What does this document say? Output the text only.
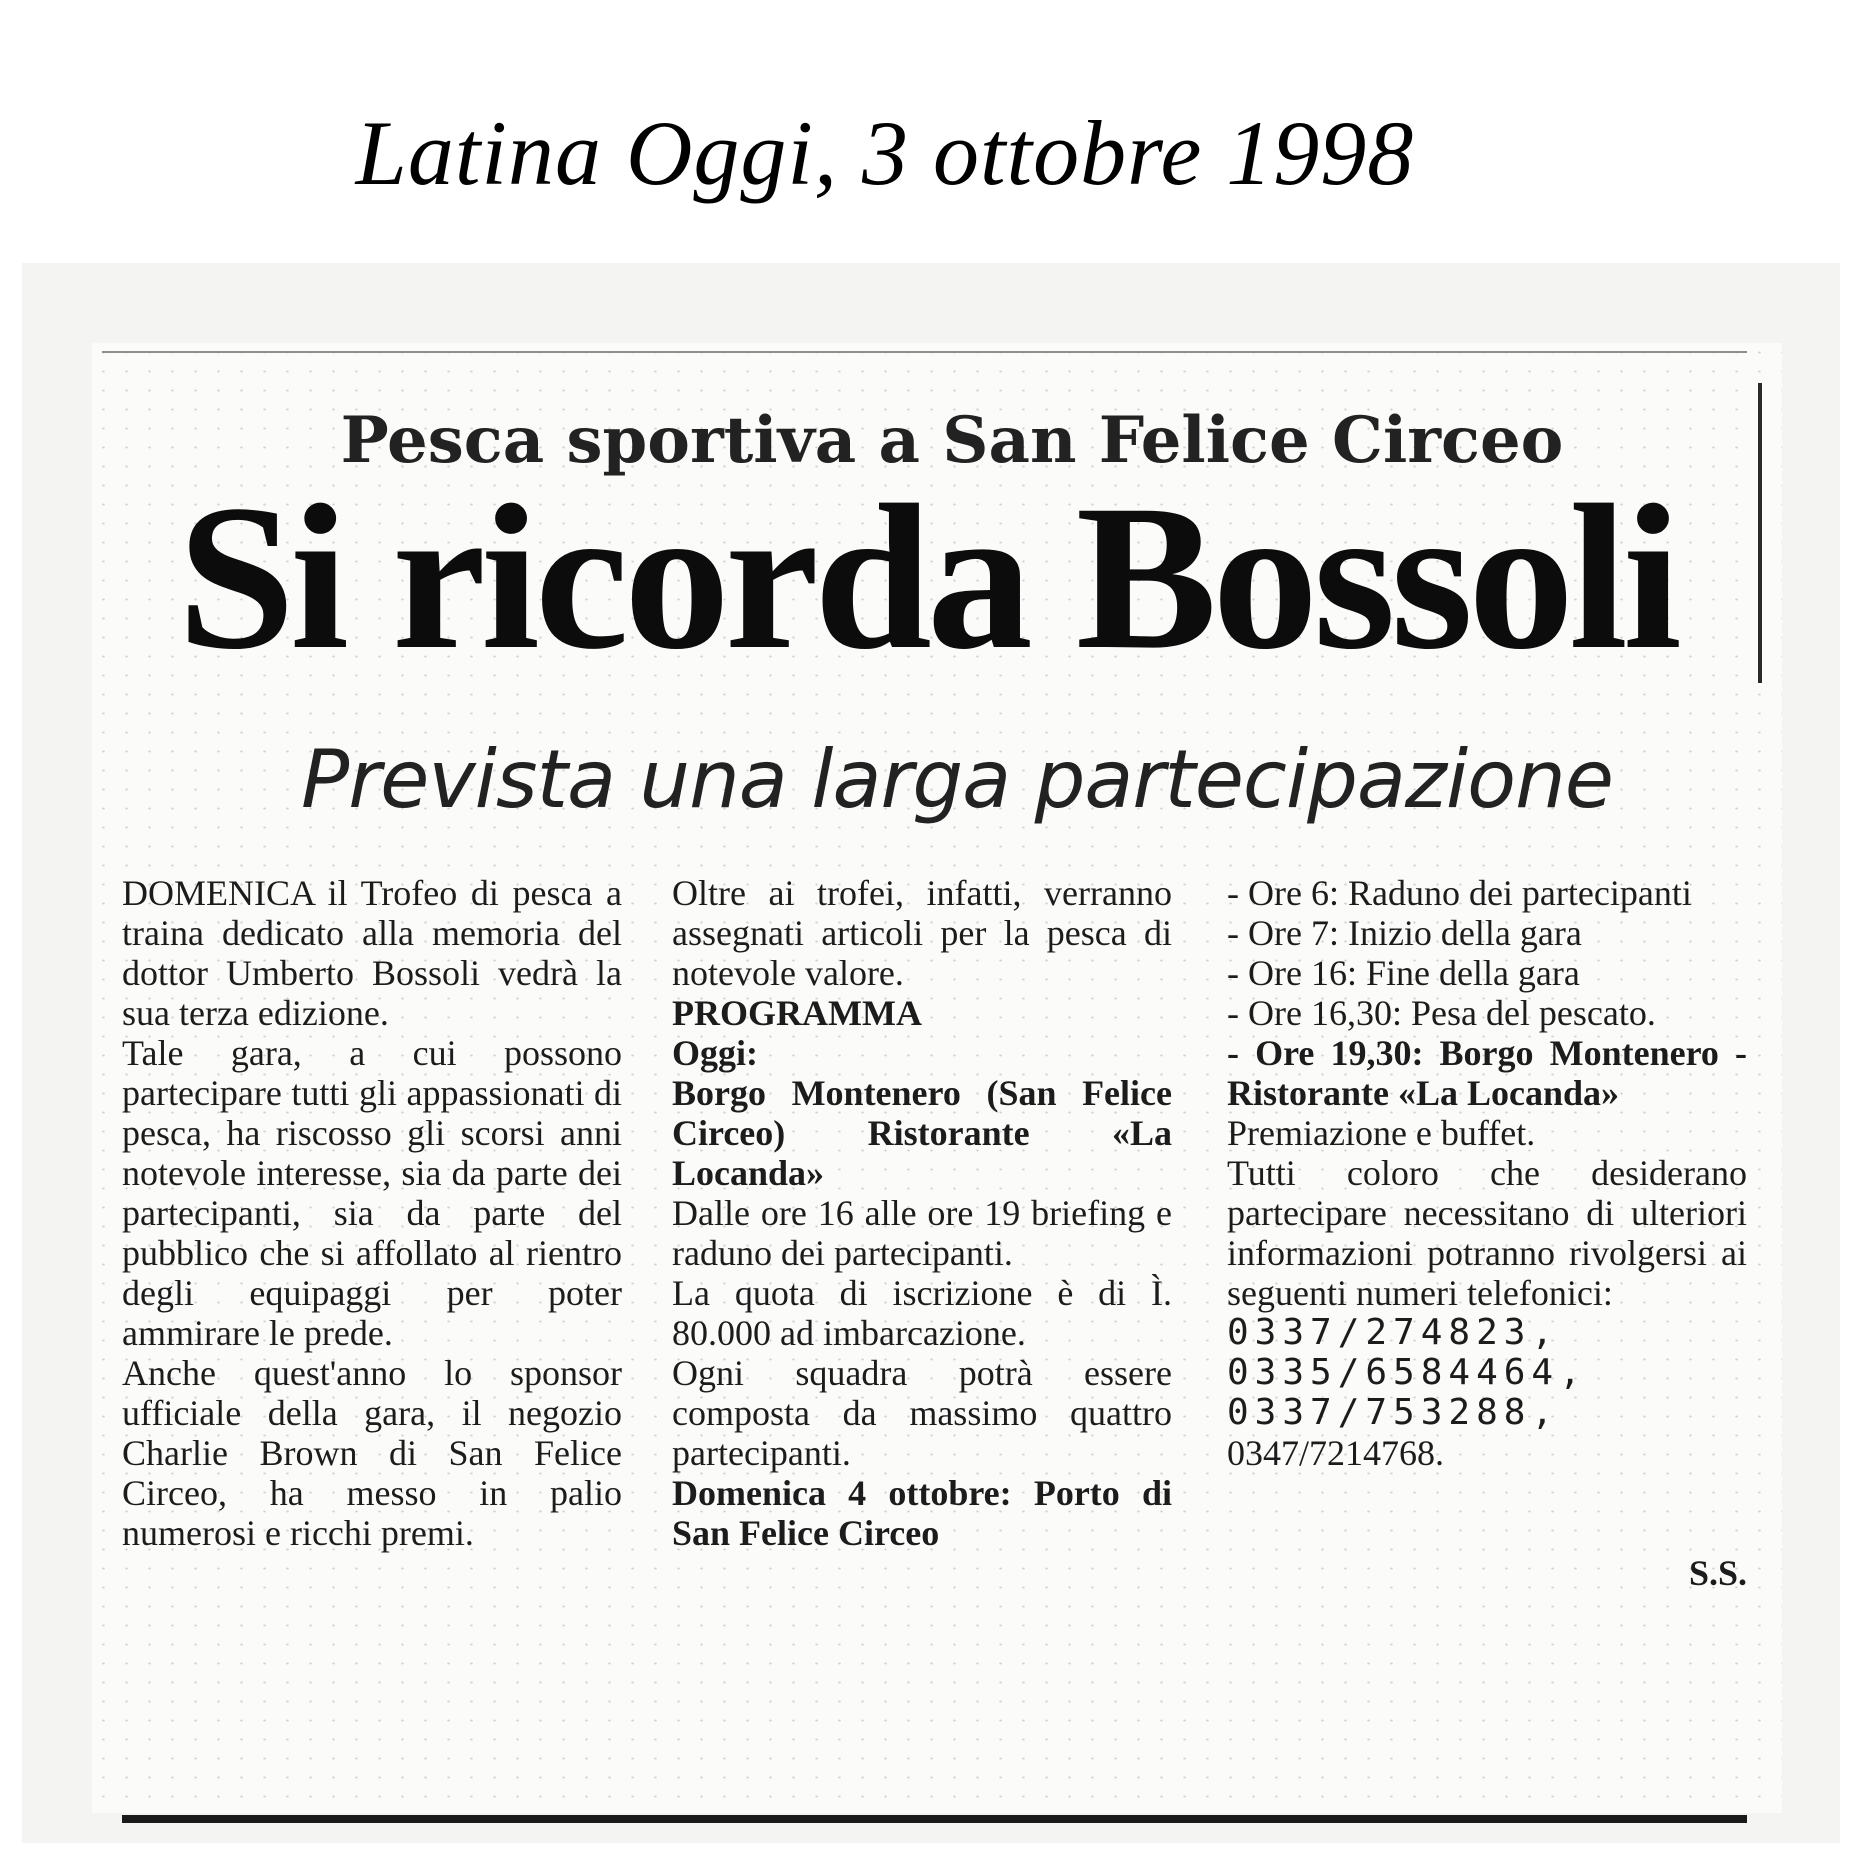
Latina Oggi, 3 ottobre 1998
Pesca sportiva a San Felice Circeo
Si ricorda Bossoli
Prevista una larga partecipazione

DOMENICA il Trofeo di pesca a traina dedicato alla memoria del dottor Umberto Bossoli vedrà la sua terza edizione.

Tale gara, a cui possono partecipare tutti gli appassionati di pesca, ha riscosso gli scorsi anni notevole interesse, sia da parte dei partecipanti, sia da parte del pubblico che si affollato al rientro degli equipaggi per poter ammirare le prede.

Anche quest'anno lo sponsor ufficiale della gara, il negozio Charlie Brown di San Felice Circeo, ha messo in palio numerosi e ricchi premi.

Oltre ai trofei, infatti, verranno assegnati articoli per la pesca di notevole valore.

PROGRAMMA

Oggi:

Borgo Montenero (San Felice Circeo) Ristorante «La Locanda»

Dalle ore 16 alle ore 19 briefing e raduno dei partecipanti.

La quota di iscrizione è di Ì. 80.000 ad imbarcazione.

Ogni squadra potrà essere composta da massimo quattro partecipanti.

Domenica 4 ottobre: Porto di San Felice Circeo

- Ore 6: Raduno dei partecipanti

- Ore 7: Inizio della gara

- Ore 16: Fine della gara

- Ore 16,30: Pesa del pescato.

- Ore 19,30: Borgo Montenero - Ristorante «La Locanda»

Premiazione e buffet.

Tutti coloro che desiderano partecipare necessitano di ulteriori informazioni potranno rivolgersi ai seguenti numeri telefonici:

0337/274823,

0335/6584464,

0337/753288,

0347/7214768.

S.S.
